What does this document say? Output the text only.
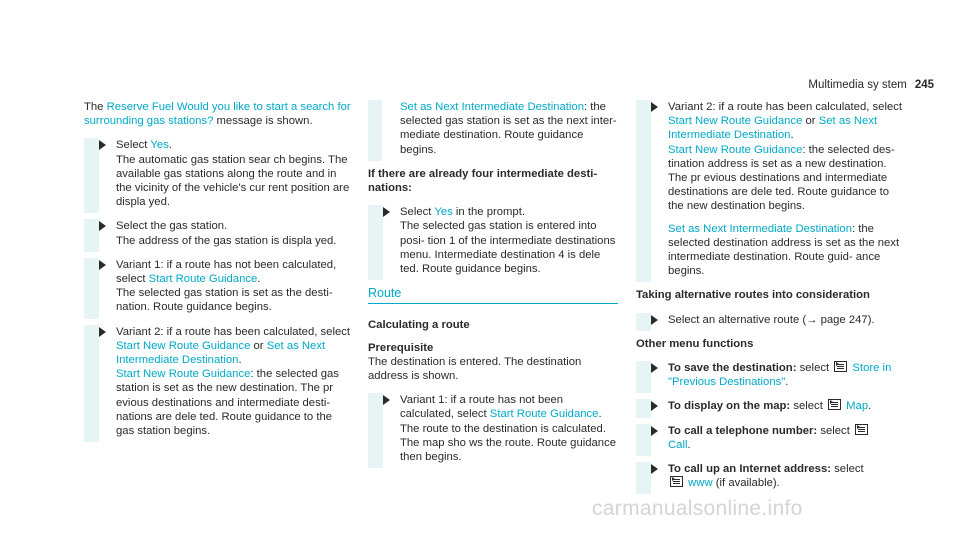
Multimedia sy stem 245

The Reserve Fuel Would you like to start a search for surrounding gas stations? message is shown.

Select Yes.
The automatic gas station sear ch begins. The available gas stations along the route and in the vicinity of the vehicle's cur rent position are displa yed.
Select the gas station.
The address of the gas station is displa yed.
Variant 1: if a route has not been calculated, select Start Route Guidance.
The selected gas station is set as the desti‐ nation. Route guidance begins.
Variant 2: if a route has been calculated, select Start New Route Guidance or Set as Next Intermediate Destination.
Start New Route Guidance: the selected gas station is set as the new destination. The pr evious destinations and intermediate desti‐ nations are dele ted. Route guidance to the gas station begins.
Set as Next Intermediate Destination: the selected gas station is set as the next inter‐ mediate destination. Route guidance begins.
If there are already four intermediate desti‐ nations:
Select Yes in the prompt.
The selected gas station is entered into posi‐ tion 1 of the intermediate destinations menu. Intermediate destination 4 is dele ted. Route guidance begins.
Route
Calculating a route
Prerequisite

The destination is entered. The destination address is shown.

Variant 1: if a route has not been calculated, select Start Route Guidance.
The route to the destination is calculated. The map sho ws the route. Route guidance then begins.
Variant 2: if a route has been calculated, select Start New Route Guidance or Set as Next Intermediate Destination.
Start New Route Guidance: the selected des‐ tination address is set as a new destination. The pr evious destinations and intermediate destinations are dele ted. Route guidance to the new destination begins.
Set as Next Intermediate Destination: the selected destination address is set as the next intermediate destination. Route guid‐ ance begins.
Taking alternative routes into consideration
Select an alternative route (→ page 247).
Other menu functions
To save the destination: select  Store in "Previous Destinations".
To display on the map: select  Map.
To call a telephone number: select
Call.
To call up an Internet address: select
www (if available).
carmanualsonline.info
